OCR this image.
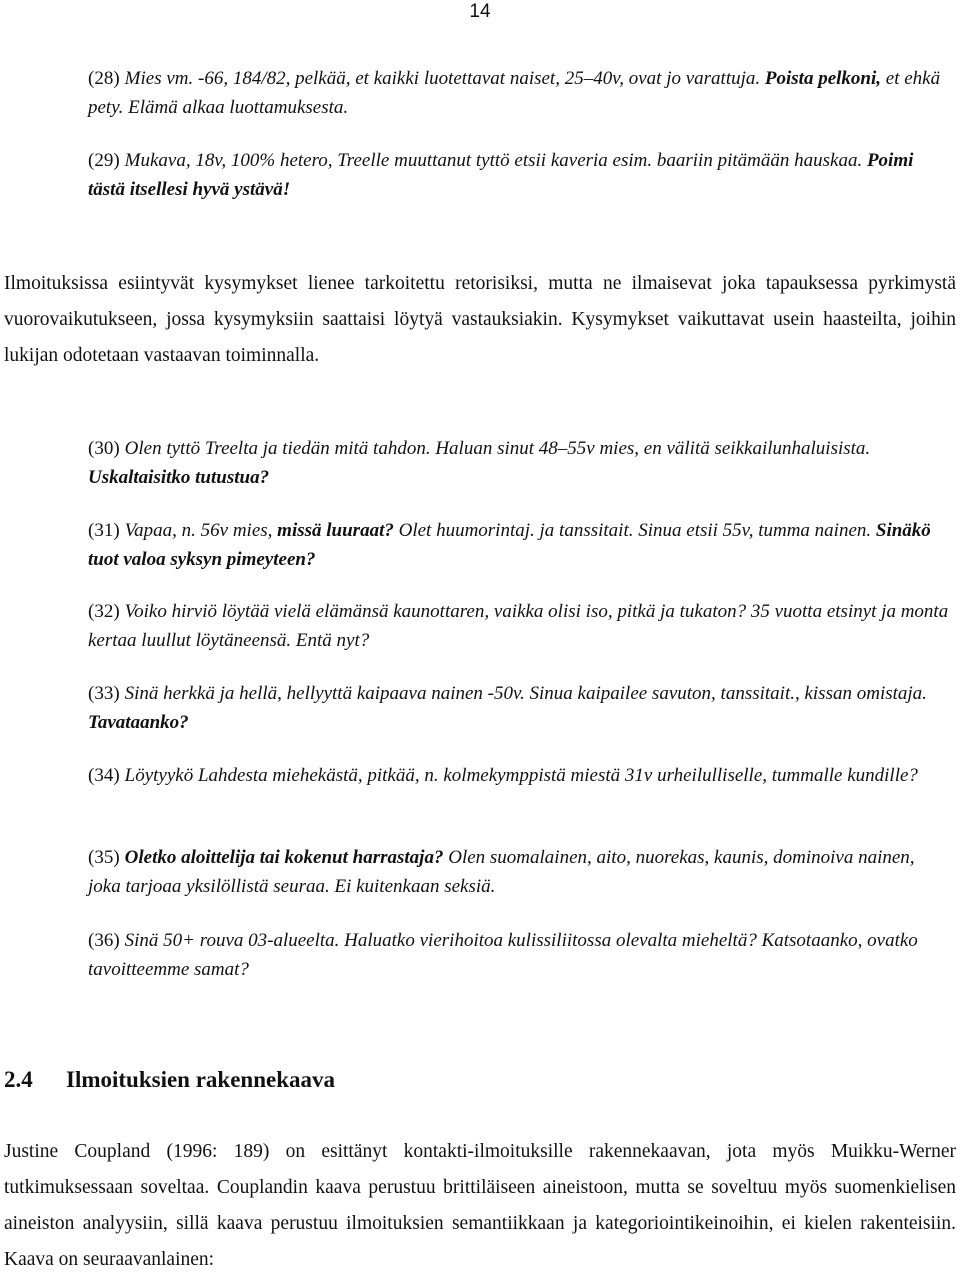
14

(28) Mies vm. -66, 184/82, pelkää, et kaikki luotettavat naiset, 25–40v, ovat jo varattuja. Poista pelkoni, et ehkä pety. Elämä alkaa luottamuksesta.

(29) Mukava, 18v, 100% hetero, Treelle muuttanut tyttö etsii kaveria esim. baariin pitämään hauskaa. Poimi tästä itsellesi hyvä ystävä!

Ilmoituksissa esiintyvät kysymykset lienee tarkoitettu retorisiksi, mutta ne ilmaisevat joka tapauksessa pyrkimystä vuorovaikutukseen, jossa kysymyksiin saattaisi löytyä vastauksiakin. Kysymykset vaikuttavat usein haasteilta, joihin lukijan odotetaan vastaavan toiminnalla.

(30) Olen tyttö Treelta ja tiedän mitä tahdon. Haluan sinut 48–55v mies, en välitä seikkailunhaluisista. Uskaltaisitko tutustua?

(31) Vapaa, n. 56v mies, missä luuraat? Olet huumorintaj. ja tanssitait. Sinua etsii 55v, tumma nainen. Sinäkö tuot valoa syksyn pimeyteen?

(32) Voiko hirviö löytää vielä elämänsä kaunottaren, vaikka olisi iso, pitkä ja tukaton? 35 vuotta etsinyt ja monta kertaa luullut löytäneensä. Entä nyt?

(33) Sinä herkkä ja hellä, hellyyttä kaipaava nainen -50v. Sinua kaipailee savuton, tanssitait., kissan omistaja. Tavataanko?

(34) Löytyykö Lahdesta miehekästä, pitkää, n. kolmekymppistä miestä 31v urheilulliselle, tummalle kundille?

(35) Oletko aloittelija tai kokenut harrastaja? Olen suomalainen, aito, nuorekas, kaunis, dominoiva nainen, joka tarjoaa yksilöllistä seuraa. Ei kuitenkaan seksiä.

(36) Sinä 50+ rouva 03-alueelta. Haluatko vierihoitoa kulissiliitossa olevalta mieheltä? Katsotaanko, ovatko tavoitteemme samat?

2.4 Ilmoituksien rakennekaava

Justine Coupland (1996: 189) on esittänyt kontakti-ilmoituksille rakennekaavan, jota myös Muikku-Werner tutkimuksessaan soveltaa. Couplandin kaava perustuu brittiläiseen aineistoon, mutta se soveltuu myös suomenkielisen aineiston analyysiin, sillä kaava perustuu ilmoituksien semantiikkaan ja kategoriointikeinoihin, ei kielen rakenteisiin. Kaava on seuraavanlainen:
